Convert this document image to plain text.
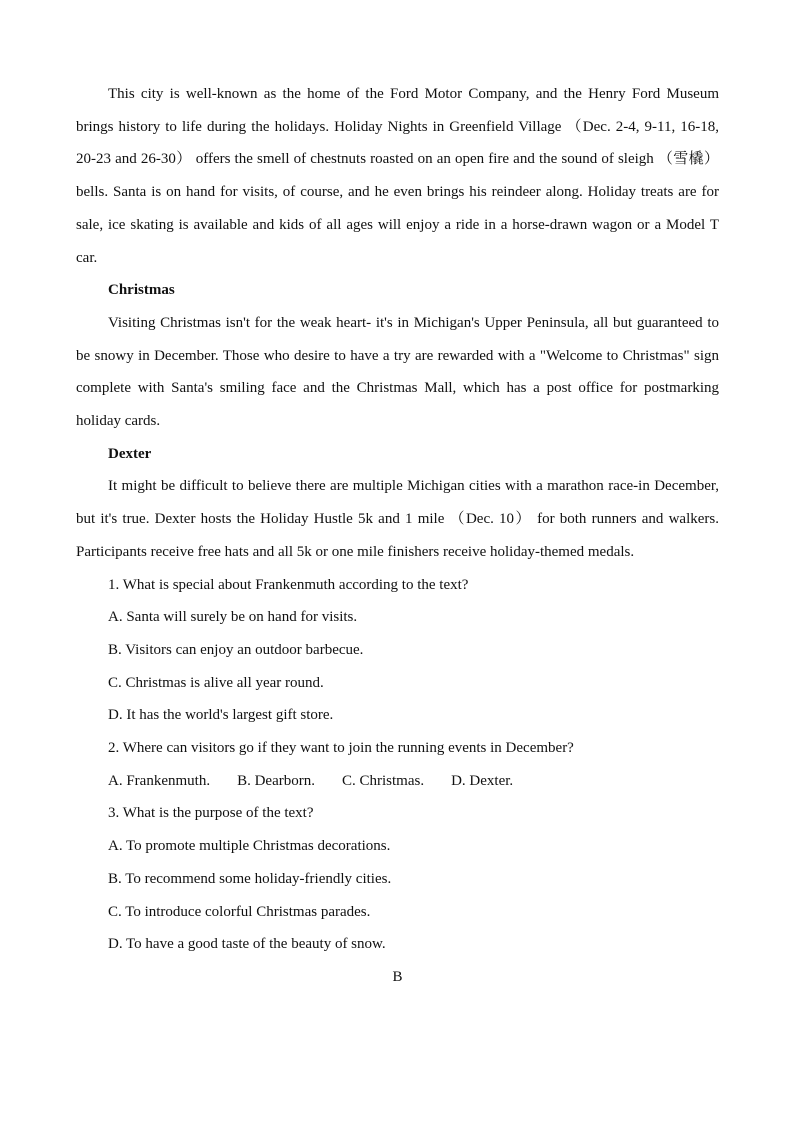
This city is well-known as the home of the Ford Motor Company, and the Henry Ford Museum brings history to life during the holidays. Holiday Nights in Greenfield Village （Dec. 2-4, 9-11, 16-18, 20-23 and 26-30） offers the smell of chestnuts roasted on an open fire and the sound of sleigh （雪橇） bells. Santa is on hand for visits, of course, and he even brings his reindeer along. Holiday treats are for sale, ice skating is available and kids of all ages will enjoy a ride in a horse-drawn wagon or a Model T car.

Christmas

Visiting Christmas isn't for the weak heart- it's in Michigan's Upper Peninsula, all but guaranteed to be snowy in December. Those who desire to have a try are rewarded with a "Welcome to Christmas" sign complete with Santa's smiling face and the Christmas Mall, which has a post office for postmarking holiday cards.

Dexter

It might be difficult to believe there are multiple Michigan cities with a marathon race-in December, but it's true. Dexter hosts the Holiday Hustle 5k and 1 mile （Dec. 10） for both runners and walkers. Participants receive free hats and all 5k or one mile finishers receive holiday-themed medals.

1. What is special about Frankenmuth according to the text?

A. Santa will surely be on hand for visits.

B. Visitors can enjoy an outdoor barbecue.

C. Christmas is alive all year round.

D. It has the world's largest gift store.

2. Where can visitors go if they want to join the running events in December?

A. Frankenmuth. B. Dearborn. C. Christmas. D. Dexter.

3. What is the purpose of the text?

A. To promote multiple Christmas decorations.

B. To recommend some holiday-friendly cities.

C. To introduce colorful Christmas parades.

D. To have a good taste of the beauty of snow.

B
